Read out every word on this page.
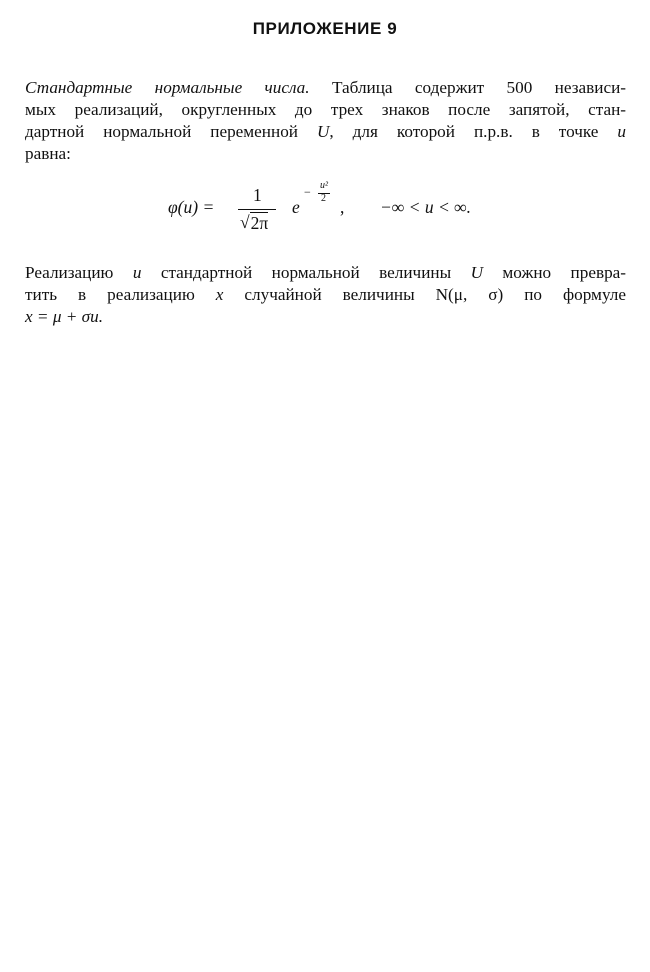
ПРИЛОЖЕНИЕ 9
Стандартные нормальные числа. Таблица содержит 500 независи-
мых реализаций, округленных до трех знаков после запятой, стан-
дартной нормальной переменной U, для которой п.р.в. в точке u
равна:
φ(u) =
1
√ 2π
e
− u²
2 , −∞ < u < ∞.
Реализацию u стандартной нормальной величины U можно превра-
тить в реализацию x случайной величины N(μ, σ) по формуле
x = μ + σu.
